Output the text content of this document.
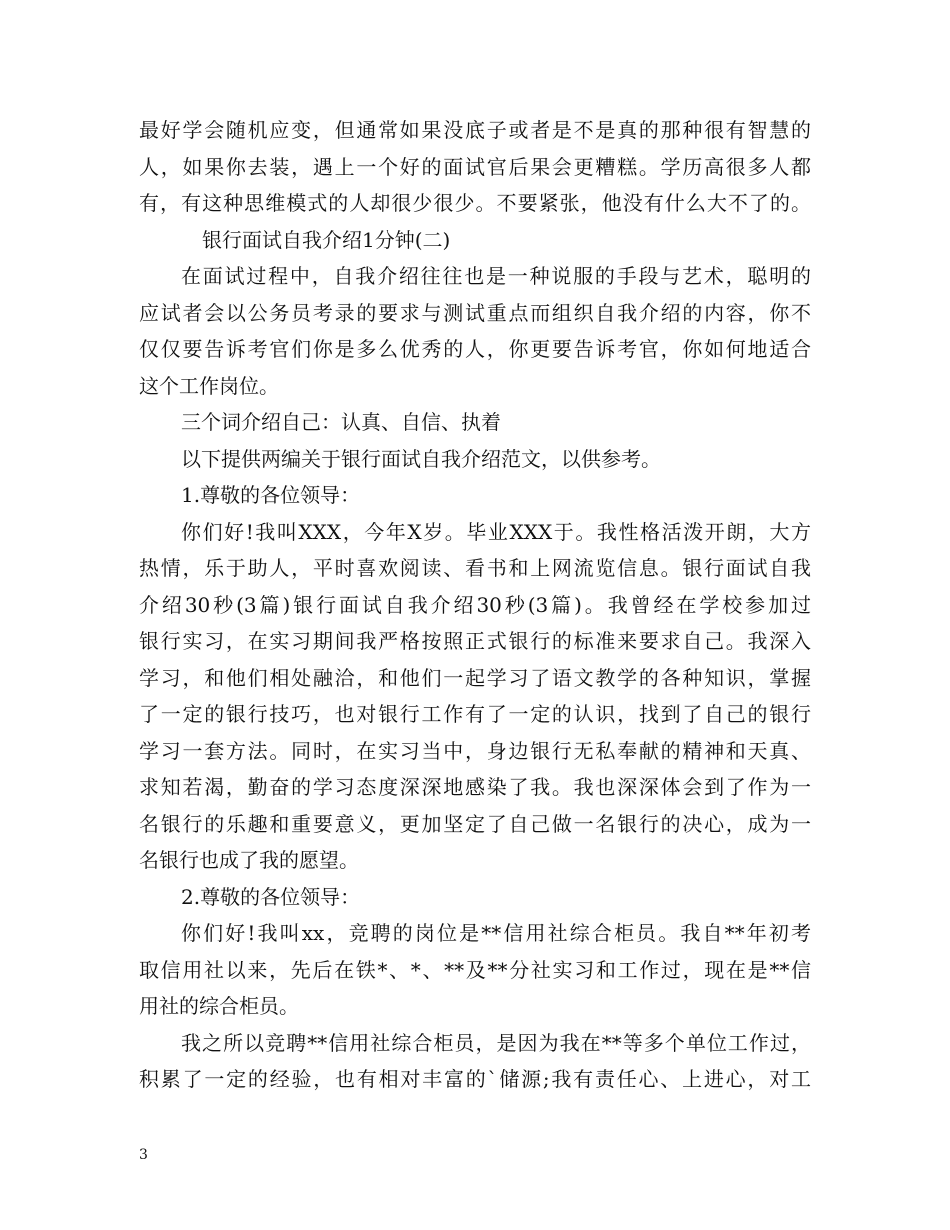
最好学会随机应变，但通常如果没底子或者是不是真的那种很有智慧的
人，如果你去装，遇上一个好的面试官后果会更糟糕。学历高很多人都
有，有这种思维模式的人却很少很少。不要紧张，他没有什么大不了的。
银行面试自我介绍1分钟(二)
在面试过程中，自我介绍往往也是一种说服的手段与艺术，聪明的
应试者会以公务员考录的要求与测试重点而组织自我介绍的内容，你不
仅仅要告诉考官们你是多么优秀的人，你更要告诉考官，你如何地适合
这个工作岗位。
三个词介绍自己：认真、自信、执着
以下提供两编关于银行面试自我介绍范文，以供参考。
1.尊敬的各位领导：
你们好!我叫XXX，今年X岁。毕业XXX于。我性格活泼开朗，大方
热情，乐于助人，平时喜欢阅读、看书和上网流览信息。银行面试自我
介绍30秒(3篇)银行面试自我介绍30秒(3篇)。我曾经在学校参加过
银行实习，在实习期间我严格按照正式银行的标准来要求自己。我深入
学习，和他们相处融洽，和他们一起学习了语文教学的各种知识，掌握
了一定的银行技巧，也对银行工作有了一定的认识，找到了自己的银行
学习一套方法。同时，在实习当中，身边银行无私奉献的精神和天真、
求知若渴，勤奋的学习态度深深地感染了我。我也深深体会到了作为一
名银行的乐趣和重要意义，更加坚定了自己做一名银行的决心，成为一
名银行也成了我的愿望。
2.尊敬的各位领导：
你们好!我叫xx，竞聘的岗位是**信用社综合柜员。我自**年初考
取信用社以来，先后在铁*、*、**及**分社实习和工作过，现在是**信
用社的综合柜员。
我之所以竞聘**信用社综合柜员，是因为我在**等多个单位工作过，
积累了一定的经验，也有相对丰富的`储源;我有责任心、上进心，对工
3
